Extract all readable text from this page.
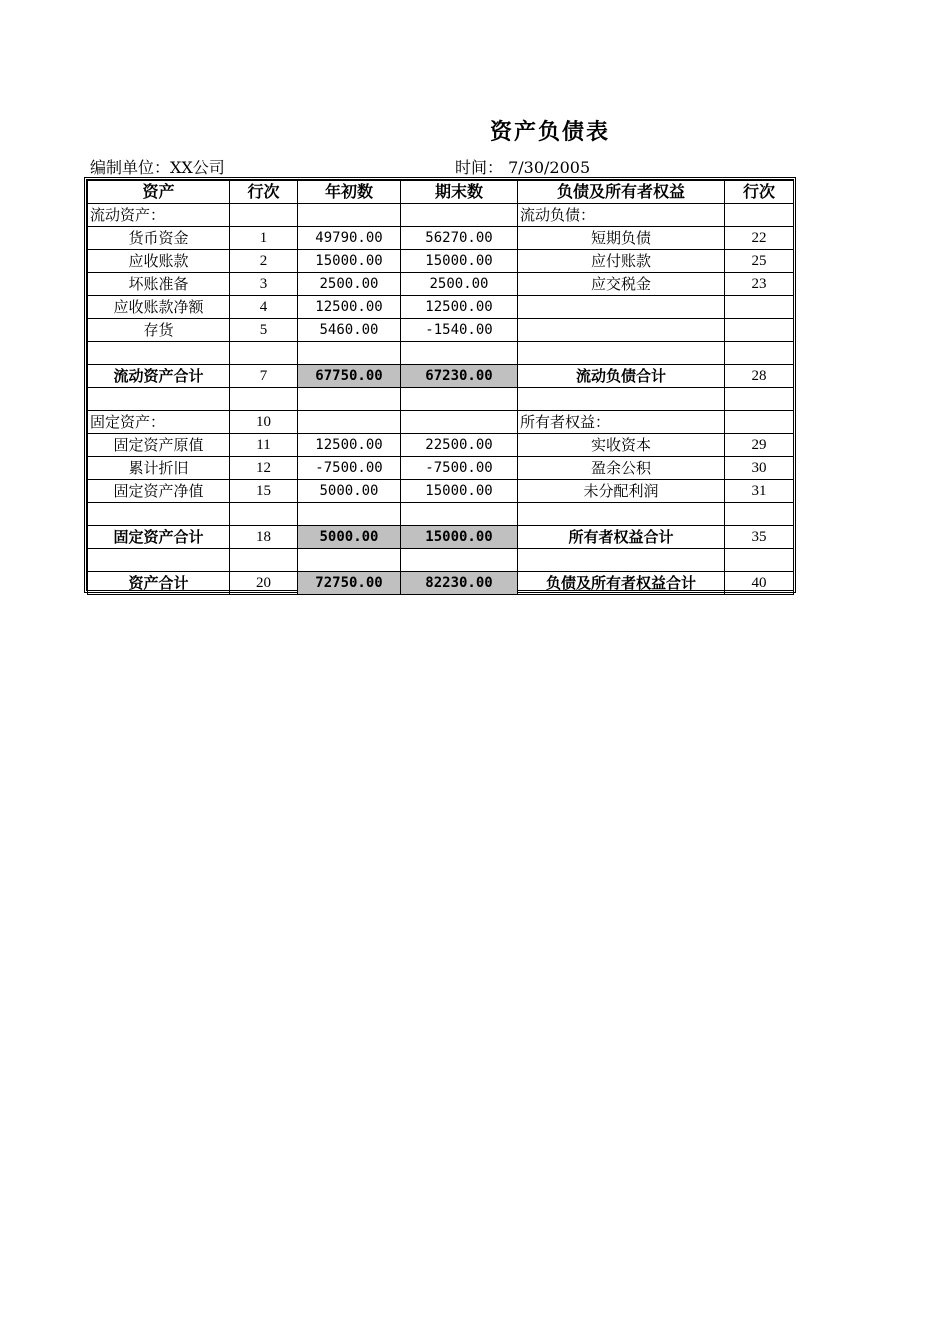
资产负债表
编制单位：XX公司	时间： 7/30/2005
资产	行次	年初数	期末数	负债及所有者权益	行次
流动资产：				流动负债：	
货币资金	1	49790.00	56270.00	短期负债	22
应收账款	2	15000.00	15000.00	应付账款	25
坏账准备	3	2500.00	2500.00	应交税金	23
应收账款净额	4	12500.00	12500.00		
存货	5	5460.00	-1540.00		

流动资产合计	7	67750.00	67230.00	流动负债合计	28

固定资产：	10			所有者权益：	
固定资产原值	11	12500.00	22500.00	实收资本	29
累计折旧	12	-7500.00	-7500.00	盈余公积	30
固定资产净值	15	5000.00	15000.00	未分配利润	31

固定资产合计	18	5000.00	15000.00	所有者权益合计	35

资产合计	20	72750.00	82230.00	负债及所有者权益合计	40
